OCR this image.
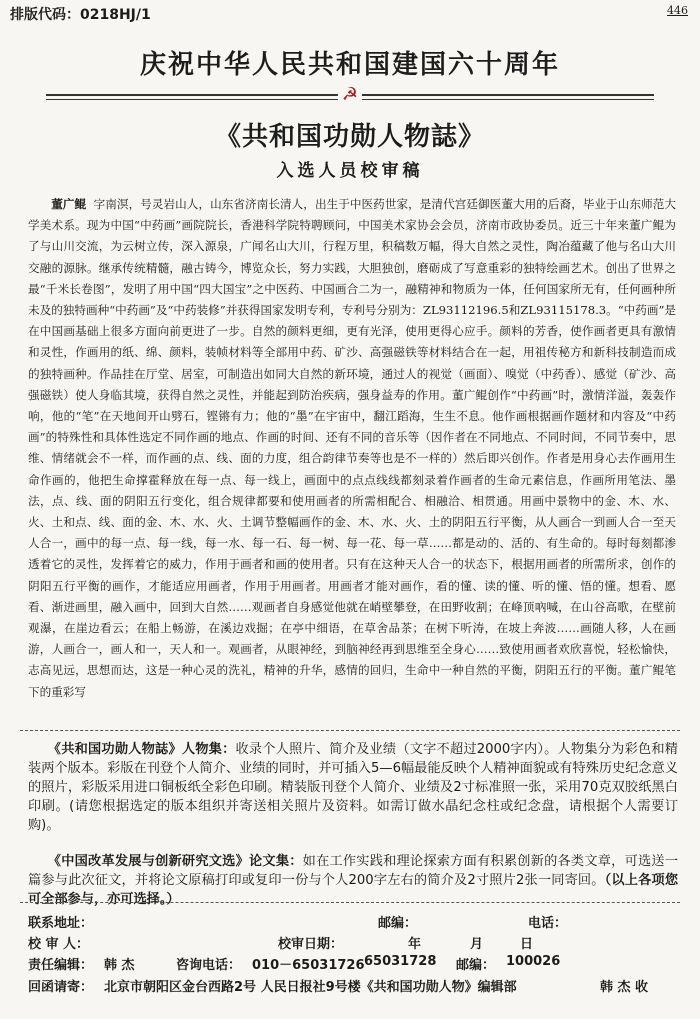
排版代码：0218HJ/1	446
庆祝中华人民共和国建国六十周年
☭
《共和国功勋人物誌》
入选人员校审稿
董广鲲 字南溟，号灵岩山人，山东省济南长清人，出生于中医药世家，是清代宫廷御医董大用的后裔，毕业于山东师范大学美术系。现为中国“中药画”画院院长，香港科学院特聘顾问，中国美术家协会会员，济南市政协委员。近三十年来董广鲲为了与山川交流，为云树立传，深入源泉，广闻名山大川，行程万里，积稿数万幅，得大自然之灵性，陶冶蕴藏了他与名山大川交融的源脉。继承传统精髓，融古铸今，博览众长，努力实践，大胆独创，磨砺成了写意重彩的独特绘画艺术。创出了世界之最“千米长卷图”，发明了用中国“四大国宝”之中医药、中国画合二为一，融精神和物质为一体，任何国家所无有，任何画种所未及的独特画种“中药画”及“中药装修”并获得国家发明专利，专利号分别为：ZL93112196.5和ZL93115178.3。“中药画”是在中国画基础上很多方面向前更进了一步。自然的颜料更细，更有光泽，使用更得心应手。颜料的芳香，使作画者更具有激情和灵性，作画用的纸、绵、颜料，装帧材料等全部用中药、矿沙、高强磁铁等材料结合在一起，用祖传秘方和新科技制造而成的独特画种。作品挂在厅堂、居室，可制造出如同大自然的新环境，通过人的视觉（画面）、嗅觉（中药香）、感觉（矿沙、高强磁铁）使人身临其境，获得自然之灵性，并能起到防治疾病，强身益寿的作用。董广鲲创作“中药画”时，激情洋溢，轰轰作响，他的“笔”在天地间开山劈石，铿锵有力；他的“墨”在宇宙中，翻江蹈海，生生不息。他作画根据画作题材和内容及“中药画”的特殊性和具体性选定不同作画的地点、作画的时间、还有不同的音乐等（因作者在不同地点、不同时间，不同节奏中，思维、情绪就会不一样，而作画的点、线、面的力度，组合韵律节奏等也是不一样的）然后即兴创作。作者是用身心去作画用生命作画的，他把生命撑霍释放在每一点、每一线上，画面中的点点线线都刻录着作画者的生命元素信息，作画所用笔法、墨法，点、线、面的阴阳五行变化，组合规律都要和使用画者的所需相配合、相融洽、相贯通。用画中景物中的金、木、水、火、土和点、线、面的金、木、水、火、土调节整幅画作的金、木、水、火、土的阴阳五行平衡，从人画合一到画人合一至天人合一，画中的每一点、每一线，每一水、每一石、每一树、每一花、每一草……都是动的、活的、有生命的。每时每刻都渗透着它的灵性，发挥着它的威力，作用于画者和画的使用者。只有在这种天人合一的状态下，根据用画者的所需所求，创作的阴阳五行平衡的画作，才能适应用画者，作用于用画者。用画者才能对画作，看的懂、读的懂、听的懂、悟的懂。想看、愿看、渐进画里，融入画中，回到大自然……观画者自身感觉他就在峭壁攀登，在田野收割；在峰顶吶喊，在山谷高歌，在壁前观瀑，在崖边看云；在船上畅游，在溪边戏掘；在亭中细语，在草舍品茶；在树下听涛，在坡上奔波……画随人移，人在画游，人画合一，画人和一，天人和一。观画者，从眼神经，到脑神经再到思维至全身心……致使用画者欢欣喜悦，轻松愉快，志高见远，思想而达，这是一种心灵的洗礼，精神的升华，感情的回归，生命中一种自然的平衡，阴阳五行的平衡。董广鲲笔下的重彩写
《共和国功勋人物誌》人物集：收录个人照片、简介及业绩（文字不超过2000字内）。人物集分为彩色和精装两个版本。彩版在刊登个人简介、业绩的同时，并可插入5—6幅最能反映个人精神面貌或有特殊历史纪念意义的照片，彩版采用进口铜板纸全彩色印刷。精装版刊登个人简介、业绩及2寸标准照一张，采用70克双胶纸黑白印刷。(请您根据选定的版本组织并寄送相关照片及资料。如需订做水晶纪念柱或纪念盘，请根据个人需要订购)。
《中国改革发展与创新研究文选》论文集：如在工作实践和理论探索方面有积累创新的各类文章，可选送一篇参与此次征文，并将论文原稿打印或复印一份与个人200字左右的简介及2寸照片2张一同寄回。（以上各项您可全部参与，亦可选择。）
联系地址：	邮编：	电话：
校 审 人：	校审日期：	年	月	日
责任编辑： 韩 杰	咨询电话： 010－65031726 65031728 邮编： 100026
回函请寄： 北京市朝阳区金台西路2号 人民日报社9号楼《共和国功勋人物》编辑部	韩 杰 收
